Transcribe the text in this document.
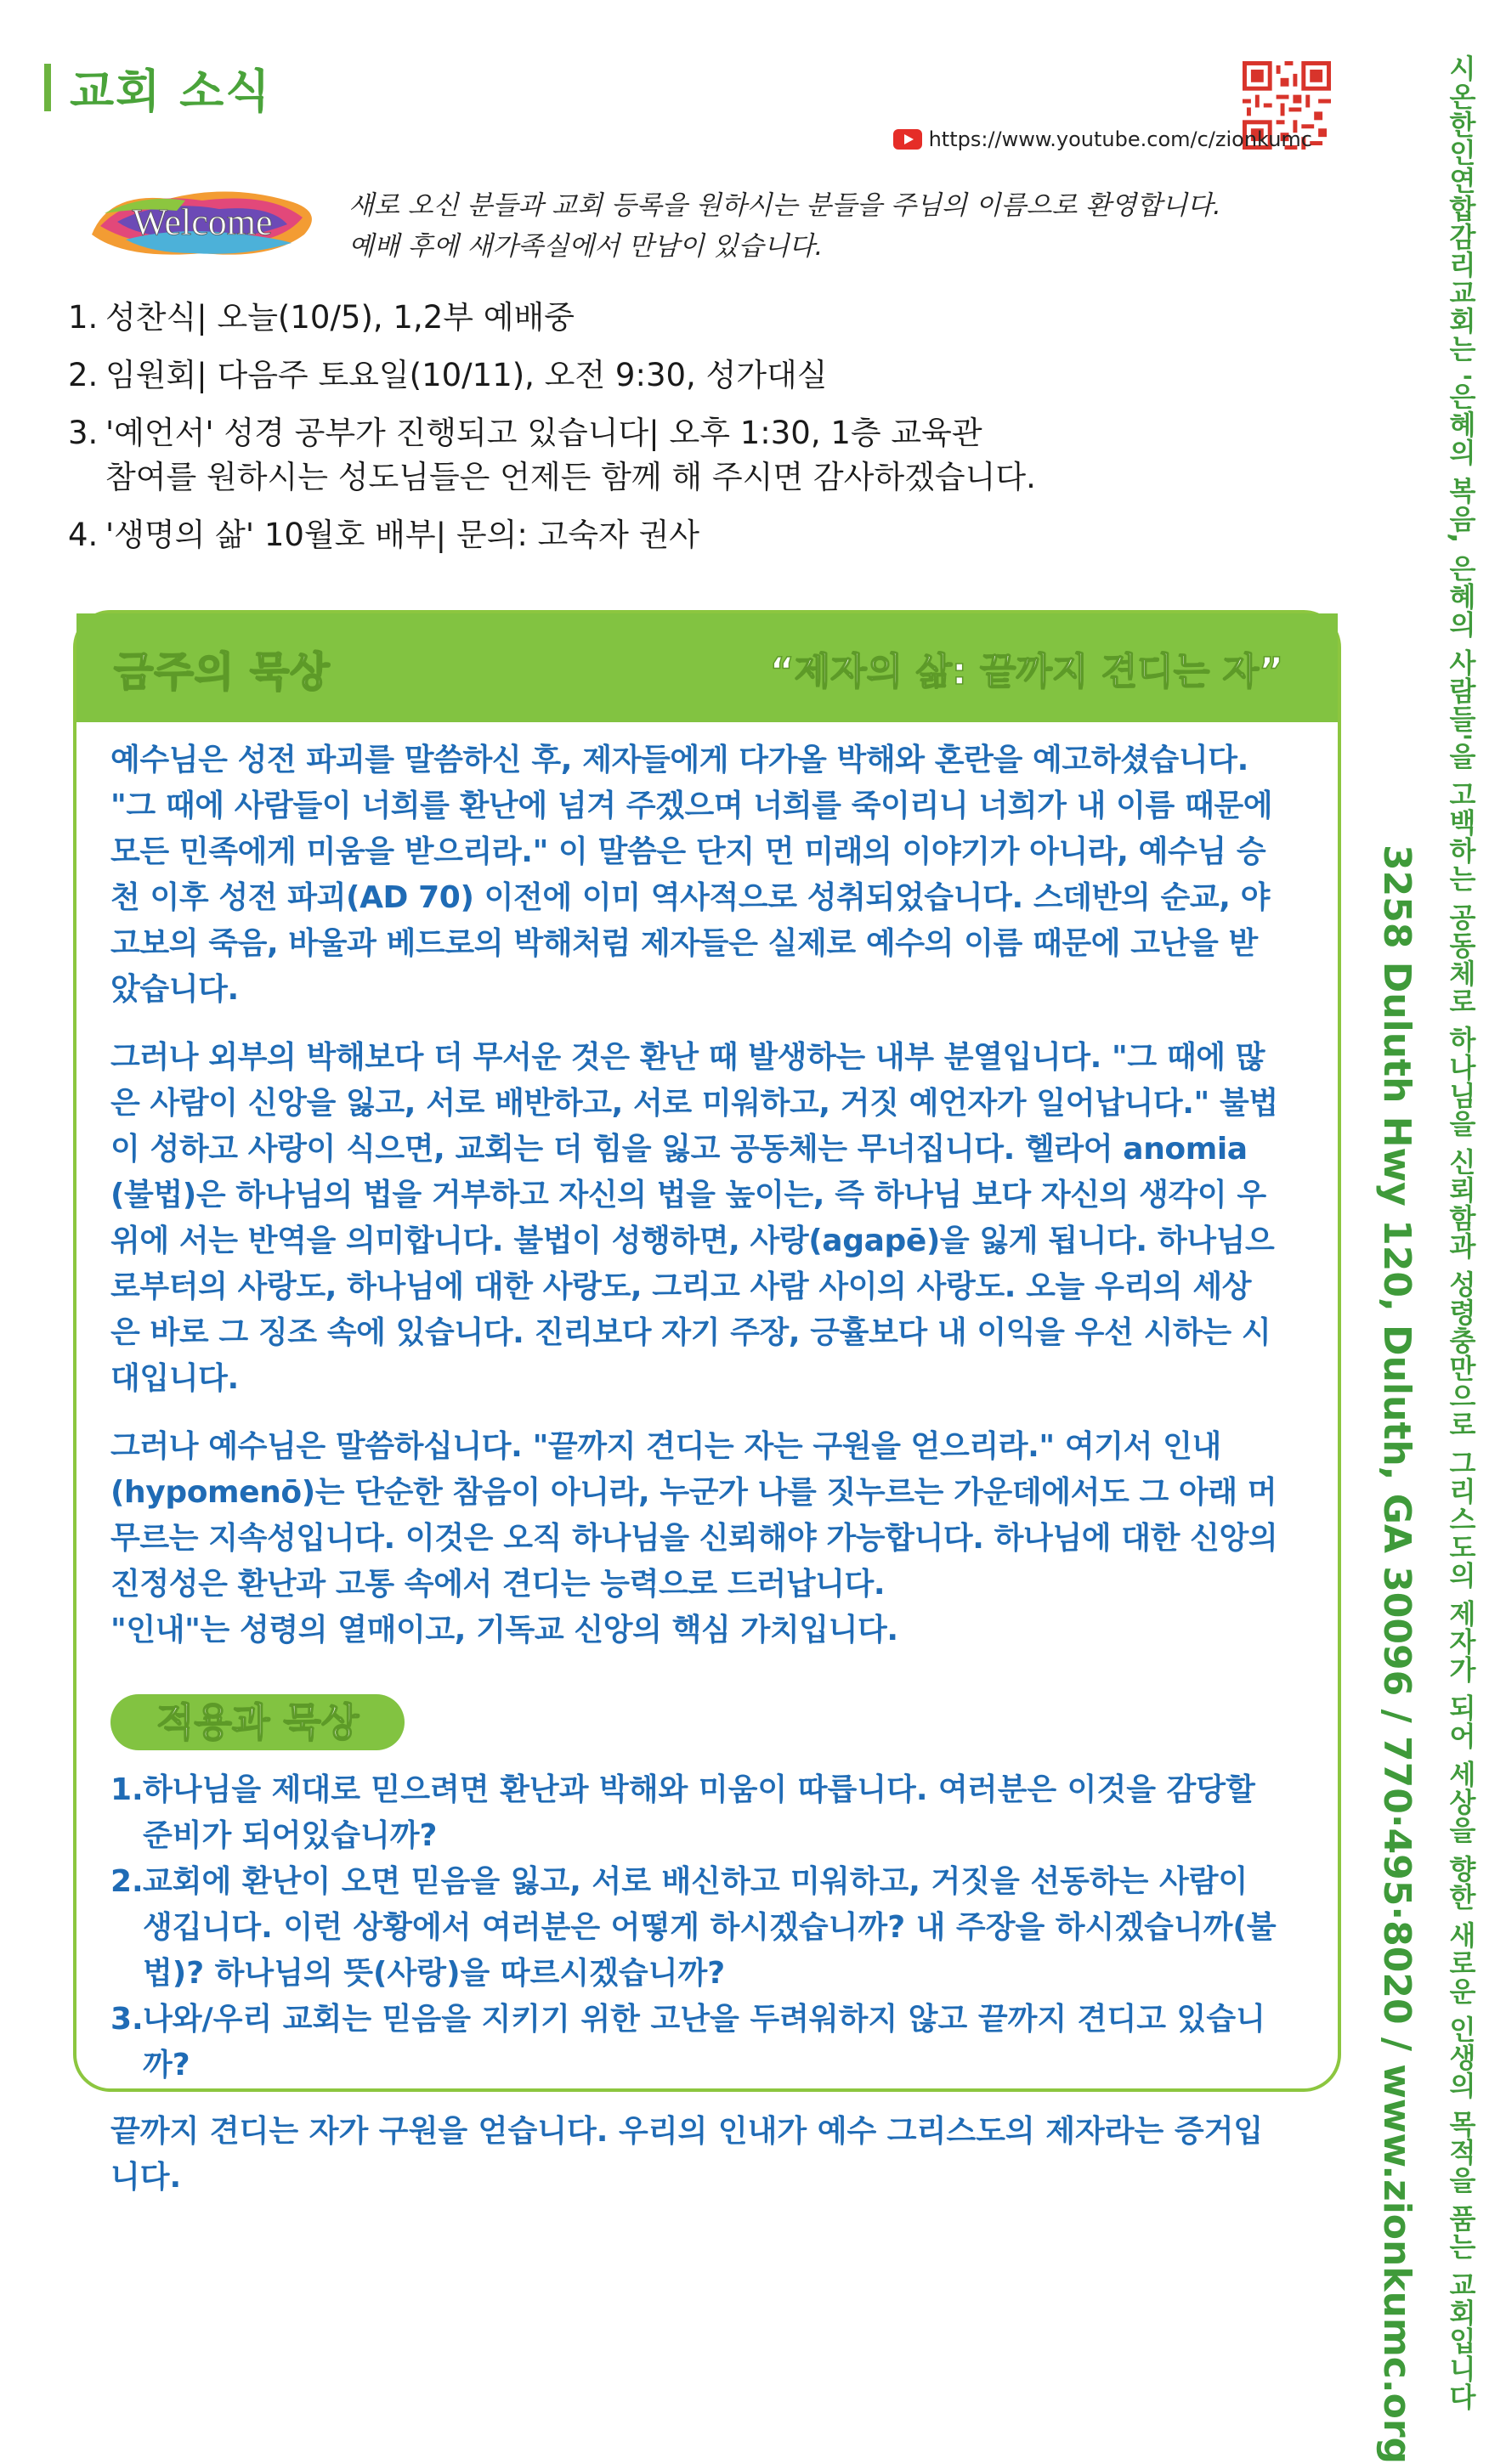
교회 소식
https://www.youtube.com/c/zionkumc
Welcome	새로 오신 분들과 교회 등록을 원하시는 분들을 주님의 이름으로 환영합니다.
예배 후에 새가족실에서 만남이 있습니다.
1. 성찬식| 오늘(10/5), 1,2부 예배중
2. 임원회| 다음주 토요일(10/11), 오전 9:30, 성가대실
3. '예언서' 성경 공부가 진행되고 있습니다| 오후 1:30, 1층 교육관
참여를 원하시는 성도님들은 언제든 함께 해 주시면 감사하겠습니다.
4. '생명의 삶' 10월호 배부| 문의: 고숙자 권사
금주의 묵상	“제자의 삶: 끝까지 견디는 자”

예수님은 성전 파괴를 말씀하신 후, 제자들에게 다가올 박해와 혼란을 예고하셨습니다. "그 때에 사람들이 너희를 환난에 넘겨 주겠으며 너희를 죽이리니 너희가 내 이름 때문에 모든 민족에게 미움을 받으리라." 이 말씀은 단지 먼 미래의 이야기가 아니라, 예수님 승천 이후 성전 파괴(AD 70) 이전에 이미 역사적으로 성취되었습니다. 스데반의 순교, 야고보의 죽음, 바울과 베드로의 박해처럼 제자들은 실제로 예수의 이름 때문에 고난을 받았습니다.

그러나 외부의 박해보다 더 무서운 것은 환난 때 발생하는 내부 분열입니다. "그 때에 많은 사람이 신앙을 잃고, 서로 배반하고, 서로 미워하고, 거짓 예언자가 일어납니다." 불법이 성하고 사랑이 식으면, 교회는 더 힘을 잃고 공동체는 무너집니다. 헬라어 anomia (불법)은 하나님의 법을 거부하고 자신의 법을 높이는, 즉 하나님 보다 자신의 생각이 우위에 서는 반역을 의미합니다. 불법이 성행하면, 사랑(agapē)을 잃게 됩니다. 하나님으로부터의 사랑도, 하나님에 대한 사랑도, 그리고 사람 사이의 사랑도. 오늘 우리의 세상은 바로 그 징조 속에 있습니다. 진리보다 자기 주장, 긍휼보다 내 이익을 우선 시하는 시대입니다.

그러나 예수님은 말씀하십니다. "끝까지 견디는 자는 구원을 얻으리라." 여기서 인내(hypomenō)는 단순한 참음이 아니라, 누군가 나를 짓누르는 가운데에서도 그 아래 머무르는 지속성입니다. 이것은 오직 하나님을 신뢰해야 가능합니다. 하나님에 대한 신앙의 진정성은 환난과 고통 속에서 견디는 능력으로 드러납니다.

"인내"는 성령의 열매이고, 기독교 신앙의 핵심 가치입니다.

적용과 묵상
1. 하나님을 제대로 믿으려면 환난과 박해와 미움이 따릅니다. 여러분은 이것을 감당할 준비가 되어있습니까?
2. 교회에 환난이 오면 믿음을 잃고, 서로 배신하고 미워하고, 거짓을 선동하는 사람이 생깁니다. 이런 상황에서 여러분은 어떻게 하시겠습니까? 내 주장을 하시겠습니까(불법)? 하나님의 뜻(사랑)을 따르시겠습니까?
3. 나와/우리 교회는 믿음을 지키기 위한 고난을 두려워하지 않고 끝까지 견디고 있습니까?
끝까지 견디는 자가 구원을 얻습니다. 우리의 인내가 예수 그리스도의 제자라는 증거입니다.	시온한인연합감리교회는 '은혜의 복음, 은혜의 사람들'을 고백하는 공동체로 하나님을 신뢰함과 성령충만으로 그리스도의 제자가 되어 세상을 향한 새로운 인생의 목적을 품는 교회입니다
3258 Duluth Hwy 120, Duluth, GA 30096 / 770·495·8020 / www.zionkumc.org
